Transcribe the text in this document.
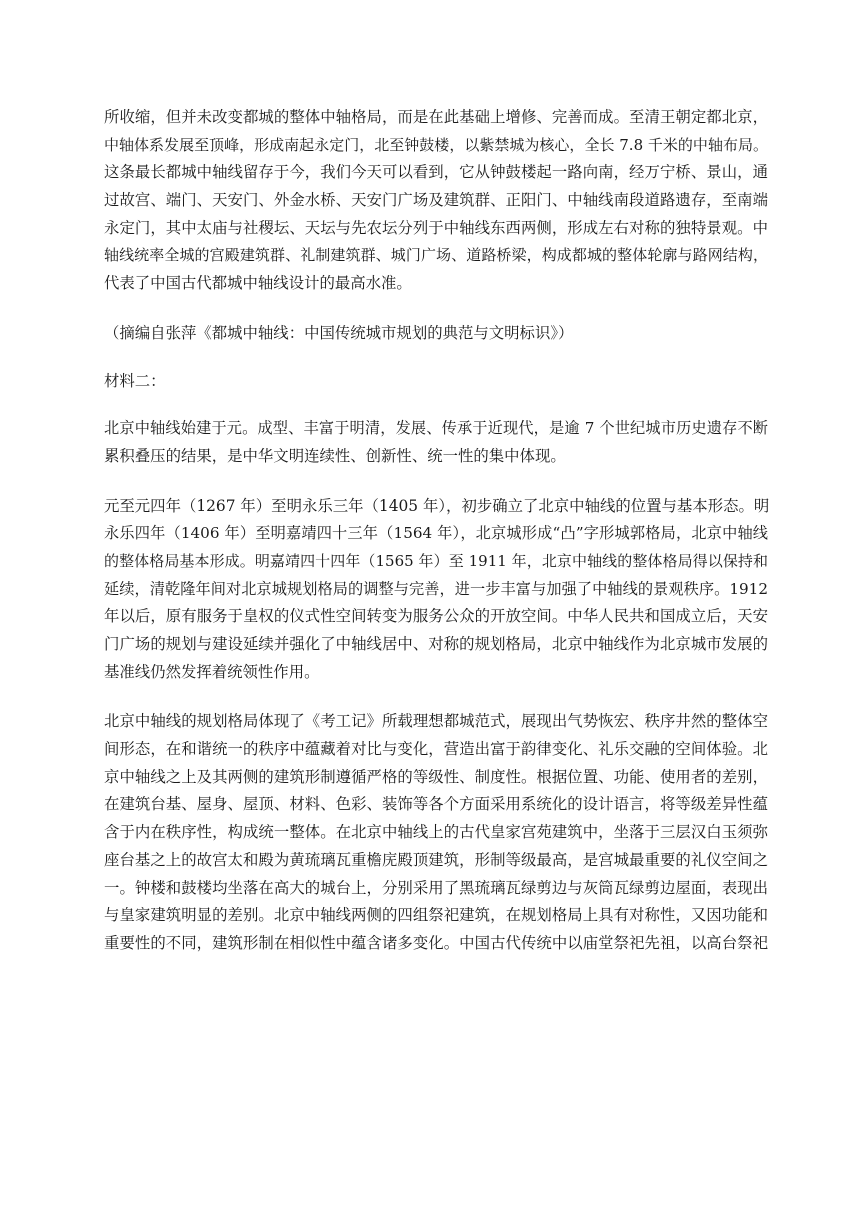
所收缩，但并未改变都城的整体中轴格局，而是在此基础上增修、完善而成。至清王朝定都北京，
中轴体系发展至顶峰，形成南起永定门，北至钟鼓楼，以紫禁城为核心，全长 7.8 千米的中轴布局。
这条最长都城中轴线留存于今，我们今天可以看到，它从钟鼓楼起一路向南，经万宁桥、景山，通
过故宫、端门、天安门、外金水桥、天安门广场及建筑群、正阳门、中轴线南段道路遗存，至南端
永定门，其中太庙与社稷坛、天坛与先农坛分列于中轴线东西两侧，形成左右对称的独特景观。中
轴线统率全城的宫殿建筑群、礼制建筑群、城门广场、道路桥梁，构成都城的整体轮廓与路网结构，
代表了中国古代都城中轴线设计的最高水准。
（摘编自张萍《都城中轴线：中国传统城市规划的典范与文明标识》）
材料二：
北京中轴线始建于元。成型、丰富于明清，发展、传承于近现代，是逾 7 个世纪城市历史遗存不断
累积叠压的结果，是中华文明连续性、创新性、统一性的集中体现。
元至元四年（1267 年）至明永乐三年（1405 年），初步确立了北京中轴线的位置与基本形态。明
永乐四年（1406 年）至明嘉靖四十三年（1564 年），北京城形成“凸”字形城郭格局，北京中轴线
的整体格局基本形成。明嘉靖四十四年（1565 年）至 1911 年，北京中轴线的整体格局得以保持和
延续，清乾隆年间对北京城规划格局的调整与完善，进一步丰富与加强了中轴线的景观秩序。1912
年以后，原有服务于皇权的仪式性空间转变为服务公众的开放空间。中华人民共和国成立后，天安
门广场的规划与建设延续并强化了中轴线居中、对称的规划格局，北京中轴线作为北京城市发展的
基准线仍然发挥着统领性作用。
北京中轴线的规划格局体现了《考工记》所载理想都城范式，展现出气势恢宏、秩序井然的整体空
间形态，在和谐统一的秩序中蕴藏着对比与变化，营造出富于韵律变化、礼乐交融的空间体验。北
京中轴线之上及其两侧的建筑形制遵循严格的等级性、制度性。根据位置、功能、使用者的差别，
在建筑台基、屋身、屋顶、材料、色彩、装饰等各个方面采用系统化的设计语言，将等级差异性蕴
含于内在秩序性，构成统一整体。在北京中轴线上的古代皇家宫苑建筑中，坐落于三层汉白玉须弥
座台基之上的故宫太和殿为黄琉璃瓦重檐庑殿顶建筑，形制等级最高，是宫城最重要的礼仪空间之
一。钟楼和鼓楼均坐落在高大的城台上，分别采用了黑琉璃瓦绿剪边与灰筒瓦绿剪边屋面，表现出
与皇家建筑明显的差别。北京中轴线两侧的四组祭祀建筑，在规划格局上具有对称性，又因功能和
重要性的不同，建筑形制在相似性中蕴含诸多变化。中国古代传统中以庙堂祭祀先祖，以高台祭祀
